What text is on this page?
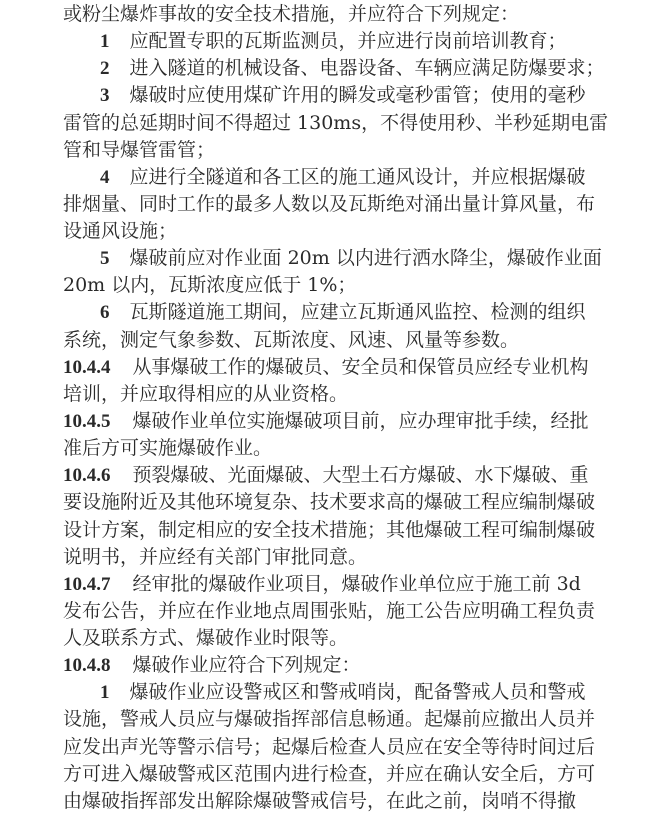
或粉尘爆炸事故的安全技术措施，并应符合下列规定：
1 应配置专职的瓦斯监测员，并应进行岗前培训教育；
2 进入隧道的机械设备、电器设备、车辆应满足防爆要求；
3 爆破时应使用煤矿许用的瞬发或毫秒雷管；使用的毫秒
雷管的总延期时间不得超过 130ms，不得使用秒、半秒延期电雷
管和导爆管雷管；
4 应进行全隧道和各工区的施工通风设计，并应根据爆破
排烟量、同时工作的最多人数以及瓦斯绝对涌出量计算风量，布
设通风设施；
5 爆破前应对作业面 20m 以内进行洒水降尘，爆破作业面
20m 以内，瓦斯浓度应低于 1%；
6 瓦斯隧道施工期间，应建立瓦斯通风监控、检测的组织
系统，测定气象参数、瓦斯浓度、风速、风量等参数。
10.4.4 从事爆破工作的爆破员、安全员和保管员应经专业机构
培训，并应取得相应的从业资格。
10.4.5 爆破作业单位实施爆破项目前，应办理审批手续，经批
准后方可实施爆破作业。
10.4.6 预裂爆破、光面爆破、大型土石方爆破、水下爆破、重
要设施附近及其他环境复杂、技术要求高的爆破工程应编制爆破
设计方案，制定相应的安全技术措施；其他爆破工程可编制爆破
说明书，并应经有关部门审批同意。
10.4.7 经审批的爆破作业项目，爆破作业单位应于施工前 3d
发布公告，并应在作业地点周围张贴，施工公告应明确工程负责
人及联系方式、爆破作业时限等。
10.4.8 爆破作业应符合下列规定：
1 爆破作业应设警戒区和警戒哨岗，配备警戒人员和警戒
设施，警戒人员应与爆破指挥部信息畅通。起爆前应撤出人员并
应发出声光等警示信号；起爆后检查人员应在安全等待时间过后
方可进入爆破警戒区范围内进行检查，并应在确认安全后，方可
由爆破指挥部发出解除爆破警戒信号，在此之前，岗哨不得撤
